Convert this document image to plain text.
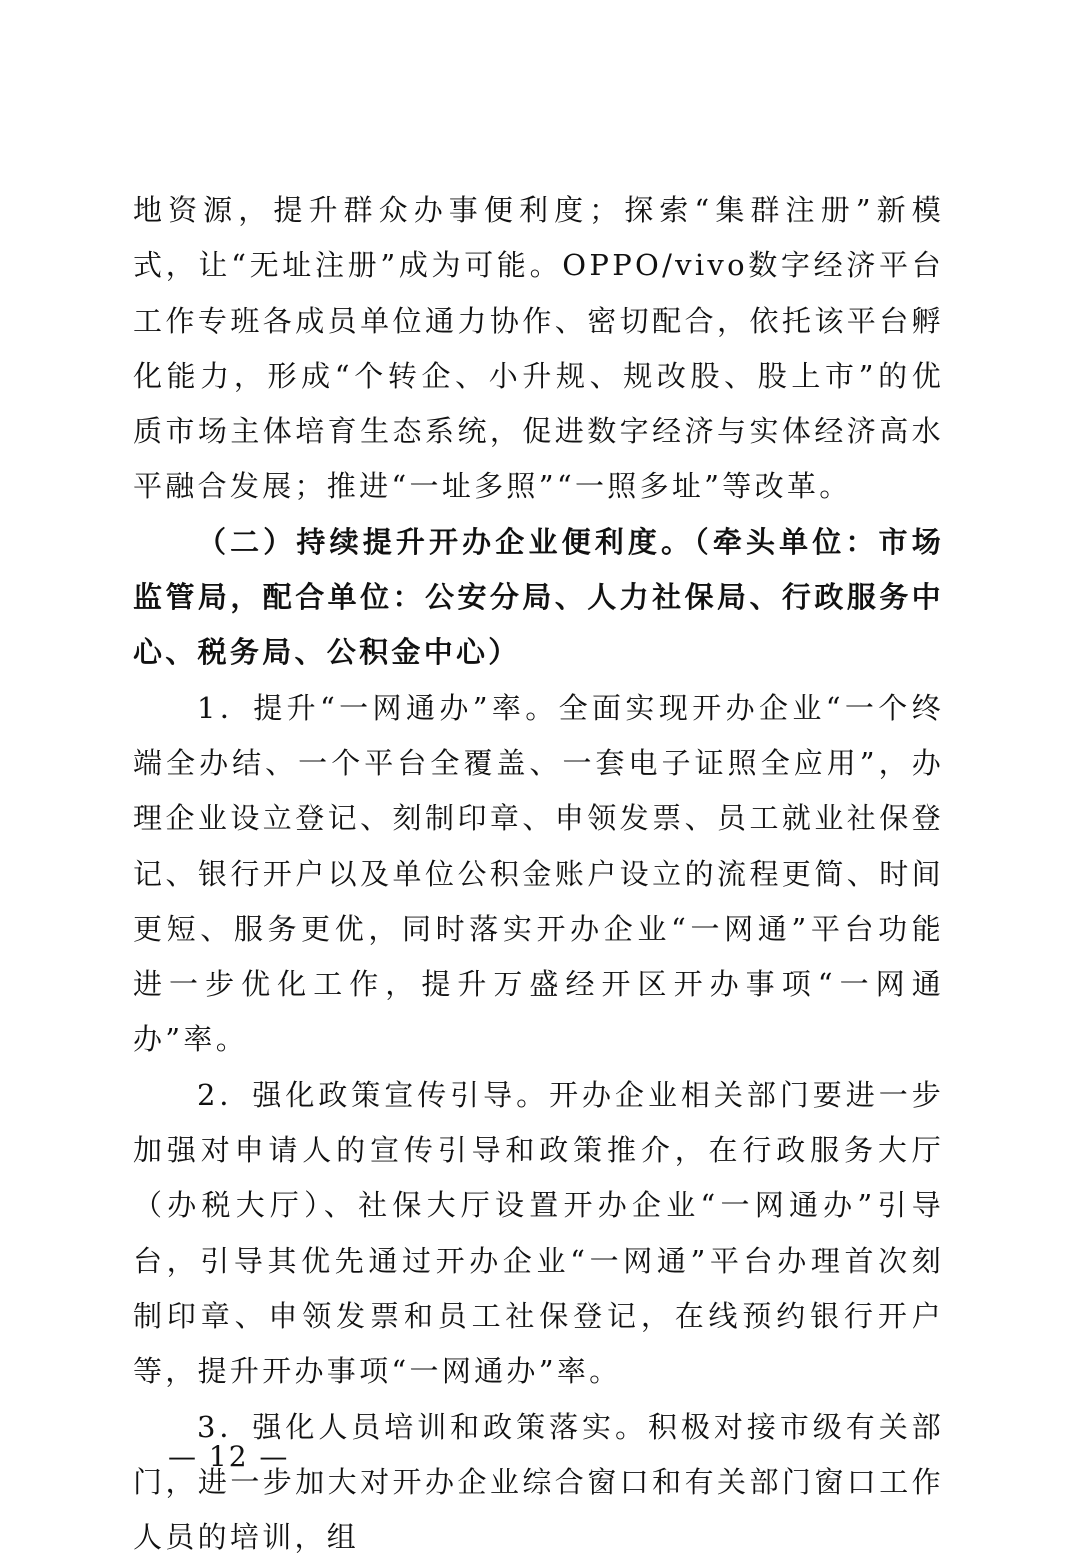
地资源，提升群众办事便利度；探索“集群注册”新模式，让“无址注册”成为可能。OPPO/vivo数字经济平台工作专班各成员单位通力协作、密切配合，依托该平台孵化能力，形成“个转企、小升规、规改股、股上市”的优质市场主体培育生态系统，促进数字经济与实体经济高水平融合发展；推进“一址多照”“一照多址”等改革。

（二）持续提升开办企业便利度。（牵头单位：市场监管局，配合单位：公安分局、人力社保局、行政服务中心、税务局、公积金中心）

1．提升“一网通办”率。全面实现开办企业“一个终端全办结、一个平台全覆盖、一套电子证照全应用”，办理企业设立登记、刻制印章、申领发票、员工就业社保登记、银行开户以及单位公积金账户设立的流程更简、时间更短、服务更优，同时落实开办企业“一网通”平台功能进一步优化工作，提升万盛经开区开办事项“一网通办”率。

2．强化政策宣传引导。开办企业相关部门要进一步加强对申请人的宣传引导和政策推介，在行政服务大厅（办税大厅）、社保大厅设置开办企业“一网通办”引导台，引导其优先通过开办企业“一网通”平台办理首次刻制印章、申领发票和员工社保登记，在线预约银行开户等，提升开办事项“一网通办”率。

3．强化人员培训和政策落实。积极对接市级有关部门，进一步加大对开办企业综合窗口和有关部门窗口工作人员的培训，组

— 12 —
